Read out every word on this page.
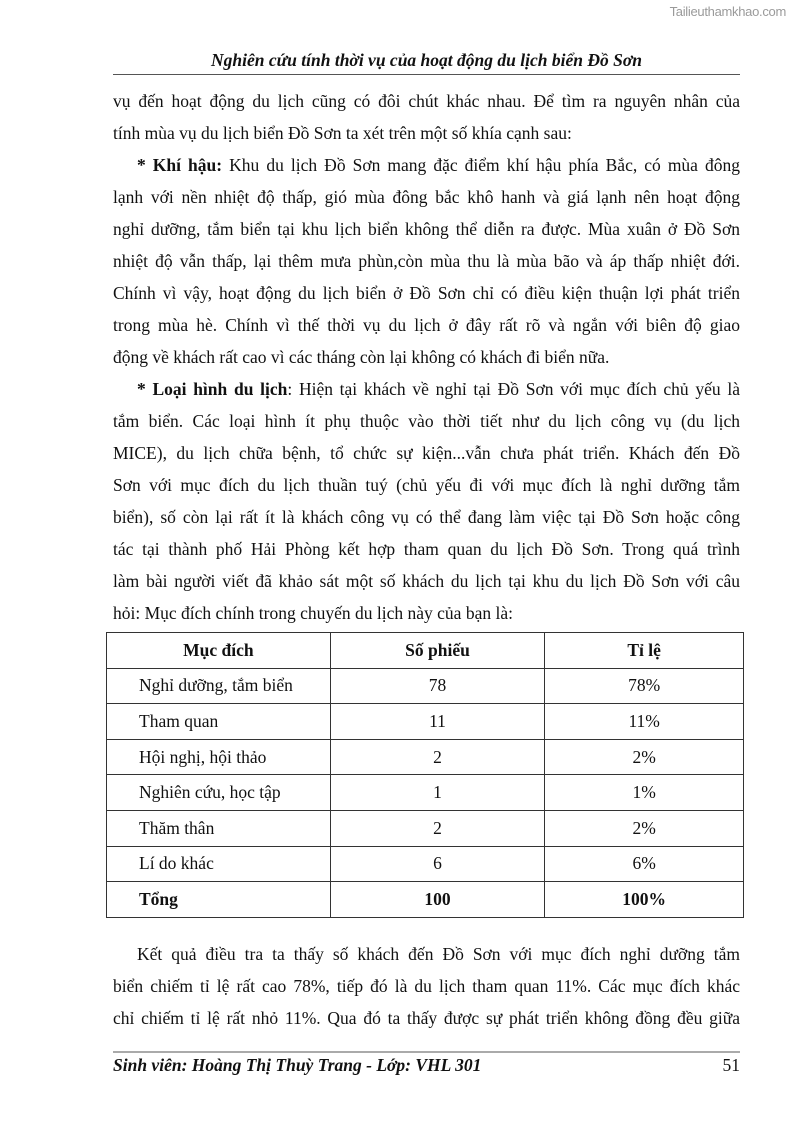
Tailieuthamkhao.com
Nghiên cứu tính thời vụ của hoạt động du lịch biển Đồ Sơn
vụ đến hoạt động du lịch cũng có đôi chút khác nhau. Để tìm ra nguyên nhân của
tính mùa vụ du lịch biển Đồ Sơn ta xét trên một số khía cạnh sau:
* Khí hậu: Khu du lịch Đồ Sơn mang đặc điểm khí hậu phía Bắc, có mùa đông
lạnh với nền nhiệt độ thấp, gió mùa đông bắc khô hanh và giá lạnh nên hoạt động
nghỉ dưỡng, tắm biển tại khu lịch biển không thể diễn ra được. Mùa xuân ở Đồ Sơn
nhiệt độ vẫn thấp, lại thêm mưa phùn,còn mùa thu là mùa bão và áp thấp nhiệt đới.
Chính vì vậy, hoạt động du lịch biển ở Đồ Sơn chỉ có điều kiện thuận lợi phát triển
trong mùa hè. Chính vì thế thời vụ du lịch ở đây rất rõ và ngắn với biên độ giao
động về khách rất cao vì các tháng còn lại không có khách đi biển nữa.
* Loại hình du lịch: Hiện tại khách về nghỉ tại Đồ Sơn với mục đích chủ yếu là
tắm biển. Các loại hình ít phụ thuộc vào thời tiết như du lịch công vụ (du lịch
MICE), du lịch chữa bệnh, tổ chức sự kiện...vẫn chưa phát triển. Khách đến Đồ
Sơn với mục đích du lịch thuần tuý (chủ yếu đi với mục đích là nghỉ dưỡng tắm
biển), số còn lại rất ít là khách công vụ có thể đang làm việc tại Đồ Sơn hoặc công
tác tại thành phố Hải Phòng kết hợp tham quan du lịch Đồ Sơn. Trong quá trình
làm bài người viết đã khảo sát một số khách du lịch tại khu du lịch Đồ Sơn với câu
hỏi: Mục đích chính trong chuyến du lịch này của bạn là:
Mục đích	Số phiếu	Tỉ lệ
Nghỉ dưỡng, tắm biển	78	78%
Tham quan	11	11%
Hội nghị, hội thảo	2	2%
Nghiên cứu, học tập	1	1%
Thăm thân	2	2%
Lí do khác	6	6%
Tổng	100	100%
Kết quả điều tra ta thấy số khách đến Đồ Sơn với mục đích nghỉ dưỡng tắm
biển chiếm tỉ lệ rất cao 78%, tiếp đó là du lịch tham quan 11%. Các mục đích khác
chỉ chiếm tỉ lệ rất nhỏ 11%. Qua đó ta thấy được sự phát triển không đồng đều giữa
Sinh viên: Hoàng Thị Thuỳ Trang - Lớp: VHL 301	51
